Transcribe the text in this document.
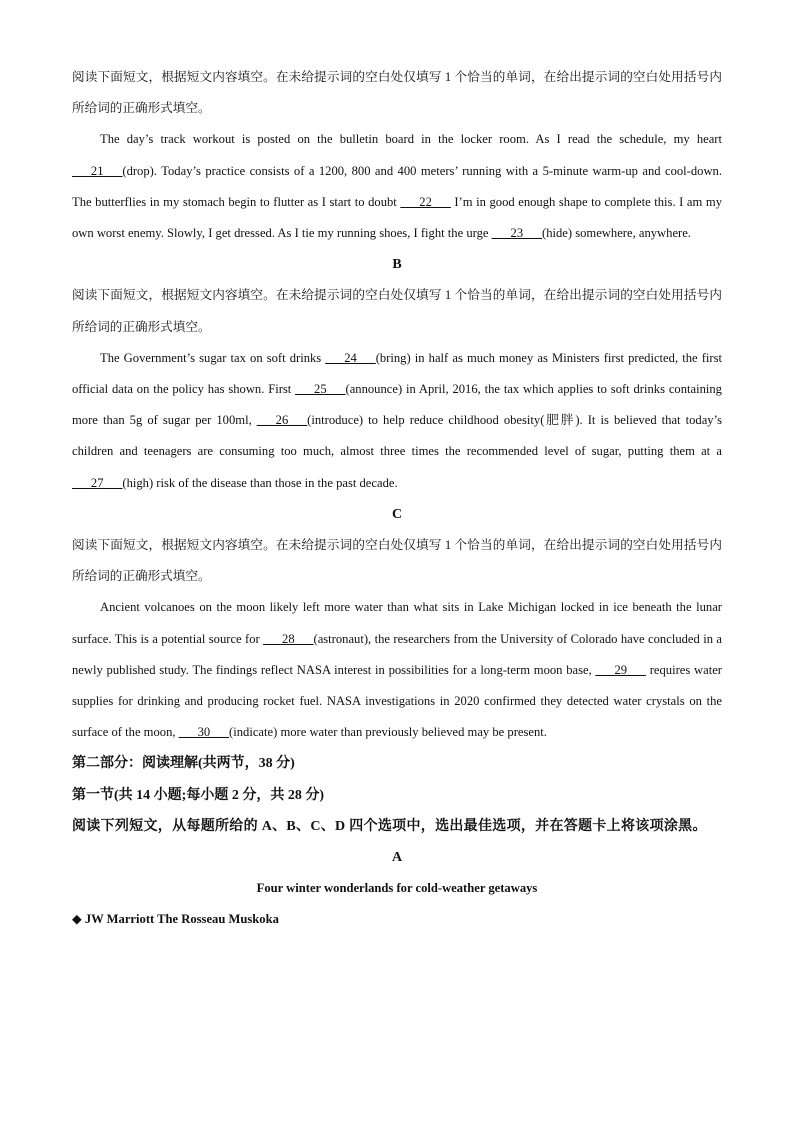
阅读下面短文，根据短文内容填空。在未给提示词的空白处仅填写 1 个恰当的单词，在给出提示词的空白处用括号内所给词的正确形式填空。
The day’s track workout is posted on the bulletin board in the locker room. As I read the schedule, my heart ___21___(drop). Today’s practice consists of a 1200, 800 and 400 meters’ running with a 5-minute warm-up and cool-down. The butterflies in my stomach begin to flutter as I start to doubt ___22___ I’m in good enough shape to complete this. I am my own worst enemy. Slowly, I get dressed. As I tie my running shoes, I fight the urge ___23___(hide) somewhere, anywhere.
B
阅读下面短文，根据短文内容填空。在未给提示词的空白处仅填写 1 个恰当的单词，在给出提示词的空白处用括号内所给词的正确形式填空。
The Government’s sugar tax on soft drinks ___24___(bring) in half as much money as Ministers first predicted, the first official data on the policy has shown. First ___25___(announce) in April, 2016, the tax which applies to soft drinks containing more than 5g of sugar per 100ml, ___26___(introduce) to help reduce childhood obesity(肥胖). It is believed that today’s children and teenagers are consuming too much, almost three times the recommended level of sugar, putting them at a ___27___(high) risk of the disease than those in the past decade.
C
阅读下面短文，根据短文内容填空。在未给提示词的空白处仅填写 1 个恰当的单词，在给出提示词的空白处用括号内所给词的正确形式填空。
Ancient volcanoes on the moon likely left more water than what sits in Lake Michigan locked in ice beneath the lunar surface. This is a potential source for ___28___(astronaut), the researchers from the University of Colorado have concluded in a newly published study. The findings reflect NASA interest in possibilities for a long-term moon base, ___29___ requires water supplies for drinking and producing rocket fuel. NASA investigations in 2020 confirmed they detected water crystals on the surface of the moon, ___30___(indicate) more water than previously believed may be present.
第二部分：阅读理解(共两节，38 分)
第一节(共 14 小题;每小题 2 分，共 28 分)
阅读下列短文，从每题所给的 A、B、C、D 四个选项中，选出最佳选项，并在答题卡上将该项涂黑。
A
Four winter wonderlands for cold-weather getaways
◆ JW Marriott The Rosseau Muskoka
